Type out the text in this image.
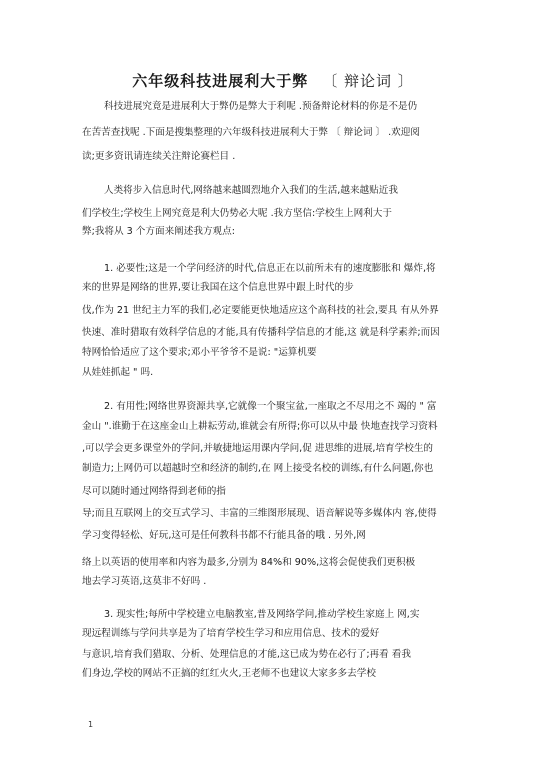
六年级科技进展利大于弊 〔 辩论词 〕
科技进展究竟是进展利大于弊仍是弊大于利呢 .预备辩论材料的你是不是仍
在苦苦查找呢 .下面是搜集整理的六年级科技进展利大于弊 〔 辩论词 〕 .欢迎阅
读;更多资讯请连续关注辩论赛栏目 .
人类将步入信息时代,网络越来越圆烈地介入我们的生活,越来越贴近我
们学校生;学校生上网究竟是利大仍势必大呢 .我方坚信:学校生上网利大于
弊;我将从 3 个方面来阐述我方观点:
1. 必要性;这是一个学问经济的时代,信息正在以前所未有的速度膨胀和 爆炸,将
来的世界是网络的世界,要让我国在这个信息世界中跟上时代的步
伐,作为 21 世纪主力军的我们,必定要能更快地适应这个高科技的社会,要具 有从外界
快速、准时猎取有效科学信息的才能,具有传播科学信息的才能,这 就是科学素养;而因
特网恰恰适应了这个要求;邓小平爷爷不是说: "运算机要
从娃娃抓起 " 吗.
2. 有用性;网络世界资源共享,它就像一个聚宝盆,一座取之不尽用之不 竭的 " 富
金山 ".谁勤于在这座金山上耕耘劳动,谁就会有所得;你可以从中最 快地查找学习资料
,可以学会更多课堂外的学问,并敏捷地运用课内学问,促 进思维的进展,培育学校生的
制造力;上网仍可以超越时空和经济的制约,在 网上接受名校的训练,有什么问题,你也
尽可以随时通过网络得到老师的指
导;而且互联网上的交互式学习、丰富的三维图形展现、语音解说等多媒体内 容,使得
学习变得轻松、好玩,这可是任何教科书都不行能具备的哦 . 另外,网
络上以英语的使用率和内容为最多,分别为 84%和 90%,这将会促使我们更积极
地去学习英语,这莫非不好吗 .
3. 现实性;每所中学校建立电脑教室,普及网络学问,推动学校生家庭上 网,实
现远程训练与学问共享是为了培育学校生学习和应用信息、技术的爱好
与意识,培育我们猎取、分析、处理信息的才能,这已成为势在必行了;再看 看我
们身边,学校的网站不正搞的红红火火,王老师不也建议大家多多去学校
1
